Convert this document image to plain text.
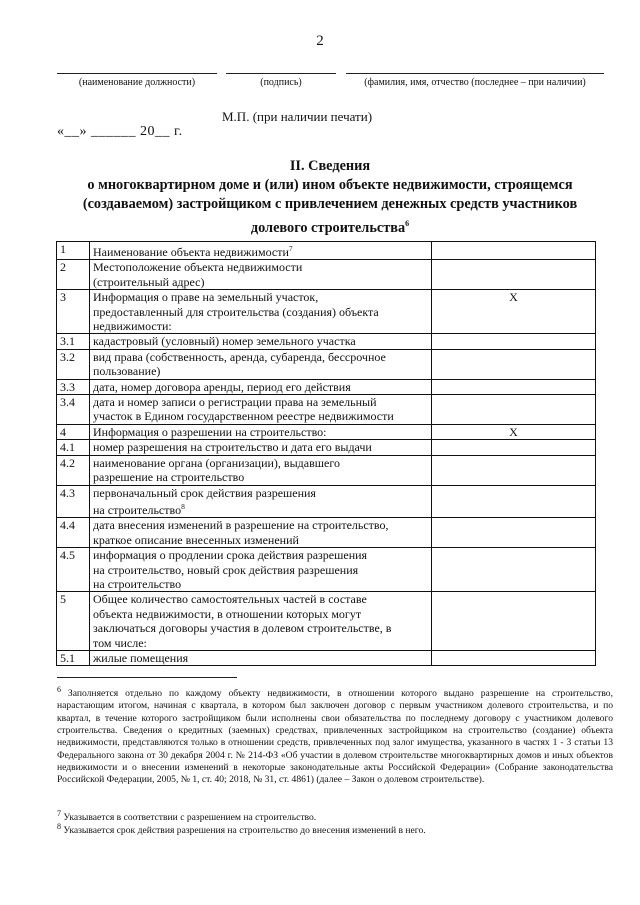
2
(наименование должности)	(подпись)	(фамилия, имя, отчество (последнее – при наличии)
М.П. (при наличии печати)
«__» ______ 20__ г.
II. Сведения
о многоквартирном доме и (или) ином объекте недвижимости, строящемся
(создаваемом) застройщиком с привлечением денежных средств участников
долевого строительства$^6$
1	Наименование объекта недвижимости$^7$	
2	Местоположение объекта недвижимости
(строительный адрес)	

3	Информация о праве на земельный участок,
предоставленный для строительства (создания) объекта
недвижимости:	X
3.1	кадастровый (условный) номер земельного участка	
3.2	вид права (собственность, аренда, субаренда, бессрочное
пользование)	

3.3	дата, номер договора аренды, период его действия	
3.4	дата и номер записи о регистрации права на земельный
участок в Едином государственном реестре недвижимости	

4	Информация о разрешении на строительство:	X
4.1	номер разрешения на строительство и дата его выдачи	
4.2	наименование органа (организации), выдавшего
разрешение на строительство	

4.3	первоначальный срок действия разрешения
на строительство$^8$

4.4	дата внесения изменений в разрешение на строительство,
краткое описание внесенных изменений	

4.5	информация о продлении срока действия разрешения
на строительство, новый срок действия разрешения
на строительство	

5	Общее количество самостоятельных частей в составе
объекта недвижимости, в отношении которых могут
заключаться договоры участия в долевом строительстве, в
том числе:	

5.1	жилые помещения	
$^6$ Заполняется отдельно по каждому объекту недвижимости, в отношении которого выдано разрешение на строительство, нарастающим итогом, начиная с квартала, в котором был заключен договор с первым участником долевого строительства, и по квартал, в течение которого застройщиком были исполнены свои обязательства по последнему договору с участником долевого строительства. Сведения о кредитных (заемных) средствах, привлеченных застройщиком на строительство (создание) объекта недвижимости, представляются только в отношении средств, привлеченных под залог имущества, указанного в частях 1 - 3 статьи 13 Федерального закона от 30 декабря 2004 г. № 214-ФЗ «Об участии в долевом строительстве многоквартирных домов и иных объектов недвижимости и о внесении изменений в некоторые законодательные акты Российской Федерации» (Собрание законодательства Российской Федерации, 2005, № 1, ст. 40; 2018, № 31, ст. 4861) (далее – Закон о долевом строительстве).
$^7$ Указывается в соответствии с разрешением на строительство.
$^8$ Указывается срок действия разрешения на строительство до внесения изменений в него.
